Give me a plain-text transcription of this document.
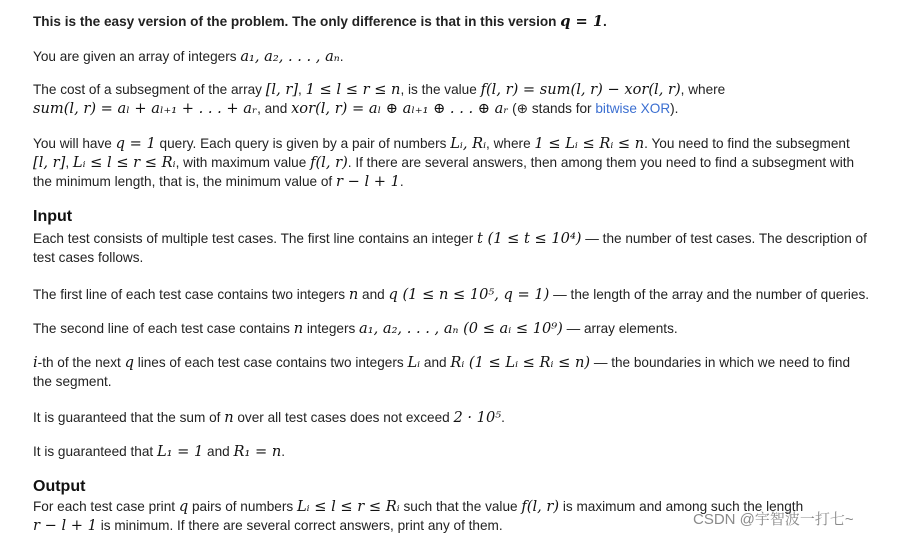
This is the easy version of the problem. The only difference is that in this version q = 1.

You are given an array of integers a₁, a₂, . . . , aₙ.

The cost of a subsegment of the array [l, r], 1 ≤ l ≤ r ≤ n, is the value f(l, r) = sum(l, r) − xor(l, r), where
sum(l, r) = aₗ + aₗ₊₁ + . . . + aᵣ, and xor(l, r) = aₗ ⊕ aₗ₊₁ ⊕ . . . ⊕ aᵣ (⊕ stands for bitwise XOR).

You will have q = 1 query. Each query is given by a pair of numbers Lᵢ, Rᵢ, where 1 ≤ Lᵢ ≤ Rᵢ ≤ n. You need to find the subsegment
[l, r], Lᵢ ≤ l ≤ r ≤ Rᵢ, with maximum value f(l, r). If there are several answers, then among them you need to find a subsegment with
the minimum length, that is, the minimum value of r − l + 1.

Input

Each test consists of multiple test cases. The first line contains an integer t (1 ≤ t ≤ 10⁴) — the number of test cases. The description of
test cases follows.

The first line of each test case contains two integers n and q (1 ≤ n ≤ 10⁵, q = 1) — the length of the array and the number of queries.

The second line of each test case contains n integers a₁, a₂, . . . , aₙ (0 ≤ aᵢ ≤ 10⁹) — array elements.

i-th of the next q lines of each test case contains two integers Lᵢ and Rᵢ (1 ≤ Lᵢ ≤ Rᵢ ≤ n) — the boundaries in which we need to find
the segment.

It is guaranteed that the sum of n over all test cases does not exceed 2 · 10⁵.

It is guaranteed that L₁ = 1 and R₁ = n.

Output

For each test case print q pairs of numbers Lᵢ ≤ l ≤ r ≤ Rᵢ such that the value f(l, r) is maximum and among such the length
r − l + 1 is minimum. If there are several correct answers, print any of them.	CSDN @宇智波一打七~
